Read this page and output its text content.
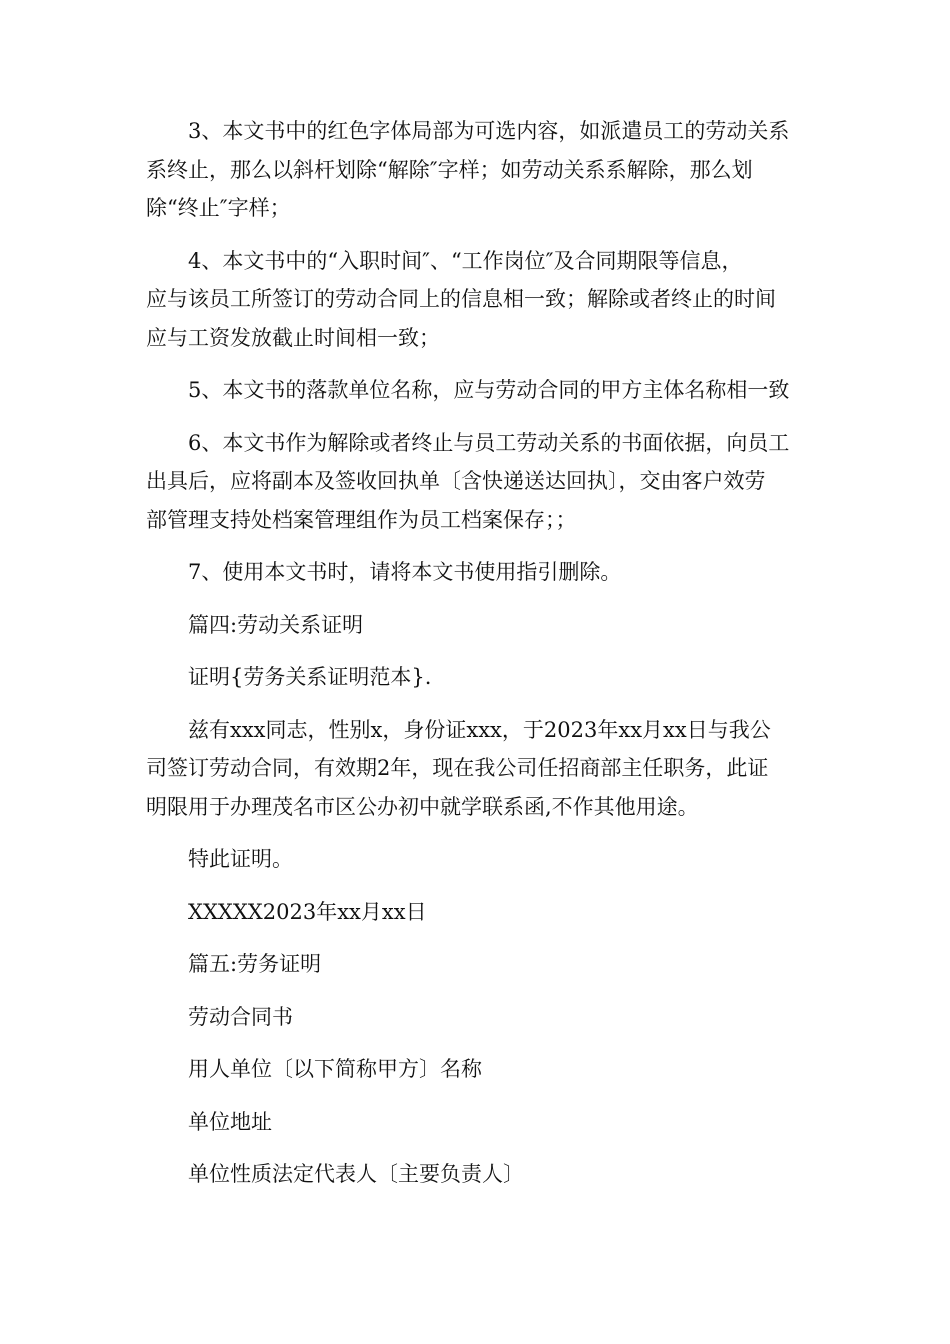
3、本文书中的红色字体局部为可选内容，如派遣员工的劳动关系
系终止，那么以斜杆划除“解除″字样；如劳动关系系解除，那么划
除“终止″字样；
4、本文书中的“入职时间″、“工作岗位″及合同期限等信息，
应与该员工所签订的劳动合同上的信息相一致；解除或者终止的时间
应与工资发放截止时间相一致；
5、本文书的落款单位名称，应与劳动合同的甲方主体名称相一致
6、本文书作为解除或者终止与员工劳动关系的书面依据，向员工
出具后，应将副本及签收回执单〔含快递送达回执〕，交由客户效劳
部管理支持处档案管理组作为员工档案保存；；
7、使用本文书时，请将本文书使用指引删除。
篇四:劳动关系证明
证明{劳务关系证明范本}.
兹有xxx同志，性别x，身份证xxx，于2023年xx月xx日与我公
司签订劳动合同，有效期2年，现在我公司任招商部主任职务，此证
明限用于办理茂名市区公办初中就学联系函,不作其他用途。
特此证明。
XXXXX2023年xx月xx日
篇五:劳务证明
劳动合同书
用人单位〔以下简称甲方〕名称
单位地址
单位性质法定代表人〔主要负责人〕
